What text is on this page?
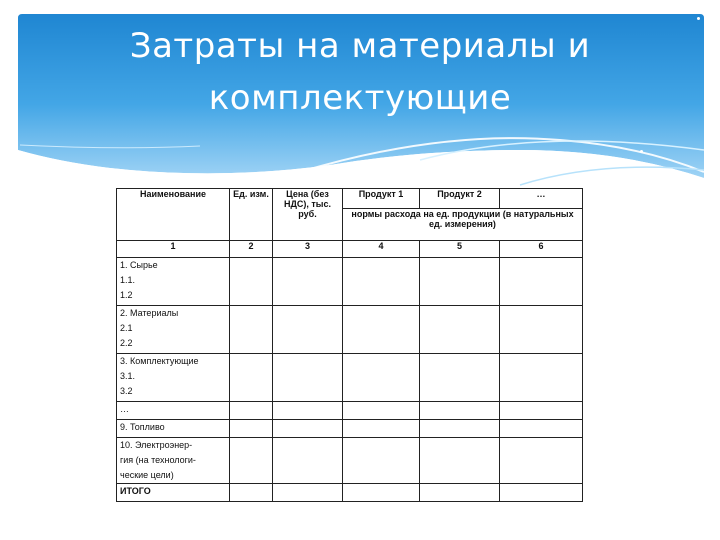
Затраты на материалы и
комплектующие
Наименование	Ед. изм.	Цена (без НДС), тыс. руб.	Продукт 1	Продукт 2	…
			нормы расхода на ед. продукции (в натуральных ед. измерения)		
1	2	3	4	5	6

1. Сырье
1.1.
1.2					

2. Материалы
2.1
2.2					

3. Комплектующие
3.1.
3.2					

…					
9. Топливо					

10. Электроэнер-
гия (на технологи-
ческие цели)					

ИТОГО					
